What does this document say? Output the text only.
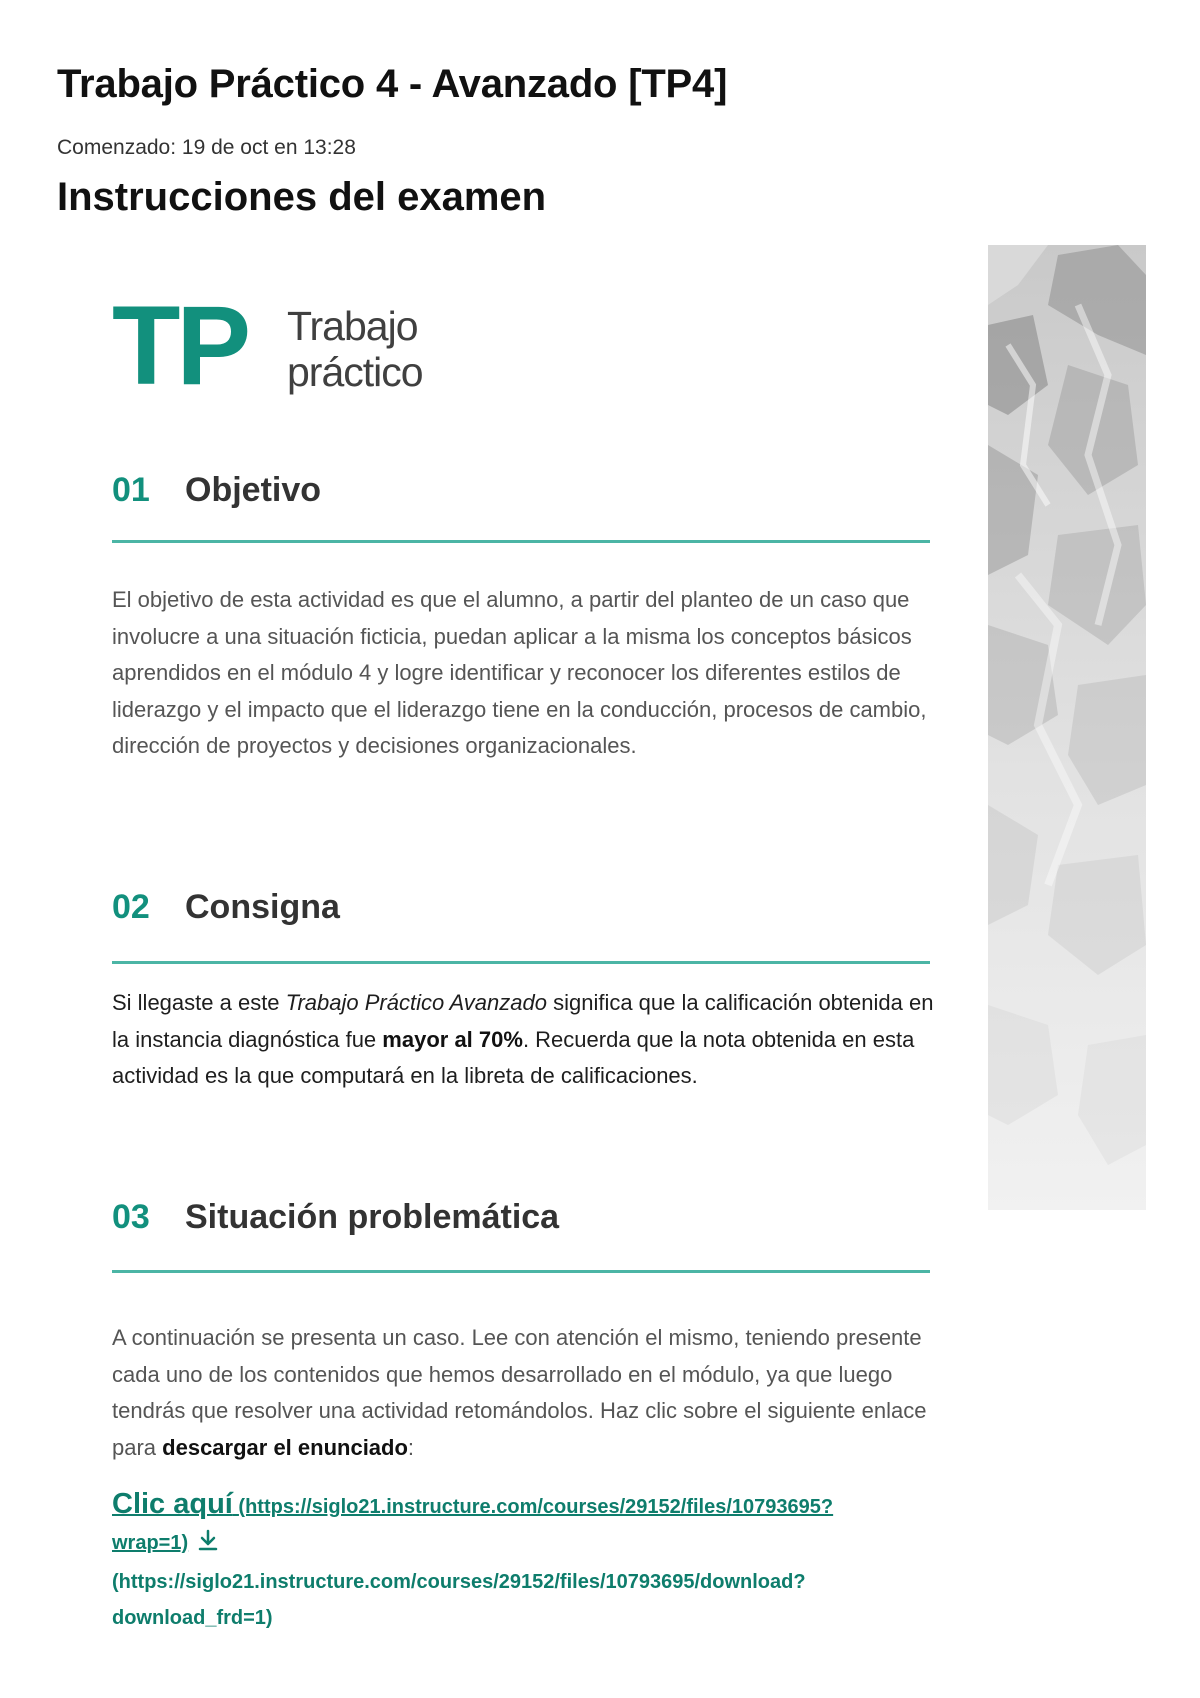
Trabajo Práctico 4 - Avanzado [TP4]
Comenzado: 19 de oct en 13:28
Instrucciones del examen
TP Trabajo
práctico
01 Objetivo

El objetivo de esta actividad es que el alumno, a partir del planteo de un caso que involucre a una situación ficticia, puedan aplicar a la misma los conceptos básicos aprendidos en el módulo 4 y logre identificar y reconocer los diferentes estilos de liderazgo y el impacto que el liderazgo tiene en la conducción, procesos de cambio, dirección de proyectos y decisiones organizacionales.

02 Consigna

Si llegaste a este Trabajo Práctico Avanzado significa que la calificación obtenida en la instancia diagnóstica fue mayor al 70%. Recuerda que la nota obtenida en esta actividad es la que computará en la libreta de calificaciones.

03 Situación problemática

A continuación se presenta un caso. Lee con atención el mismo, teniendo presente cada uno de los contenidos que hemos desarrollado en el módulo, ya que luego tendrás que resolver una actividad retomándolos. Haz clic sobre el siguiente enlace para descargar el enunciado:

Clic aquí (https://siglo21.instructure.com/courses/29152/files/10793695?
wrap=1)
(https://siglo21.instructure.com/courses/29152/files/10793695/download?
download_frd=1)
